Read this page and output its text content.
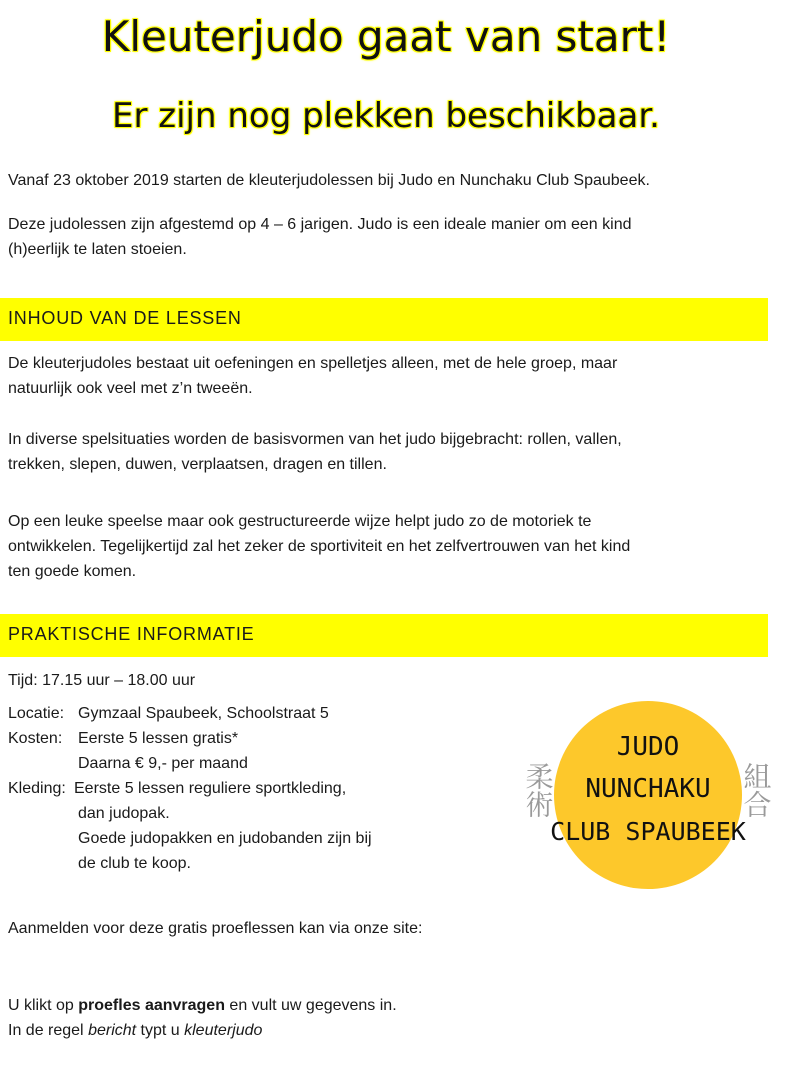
Kleuterjudo gaat van start!
Er zijn nog plekken beschikbaar.

Vanaf 23 oktober 2019 starten de kleuterjudolessen bij Judo en Nunchaku Club Spaubeek.

Deze judolessen zijn afgestemd op 4 – 6 jarigen. Judo is een ideale manier om een kind

(h)eerlijk te laten stoeien.

INHOUD VAN DE LESSEN

De kleuterjudoles bestaat uit oefeningen en spelletjes alleen, met de hele groep, maar

natuurlijk ook veel met z’n tweeën.

In diverse spelsituaties worden de basisvormen van het judo bijgebracht: rollen, vallen,

trekken, slepen, duwen, verplaatsen, dragen en tillen.

Op een leuke speelse maar ook gestructureerde wijze helpt judo zo de motoriek te

ontwikkelen. Tegelijkertijd zal het zeker de sportiviteit en het zelfvertrouwen van het kind

ten goede komen.

PRAKTISCHE INFORMATIE

Tijd: 17.15 uur – 18.00 uur

Locatie: Gymzaal Spaubeek, Schoolstraat 5
Kosten: Eerste 5 lessen gratis*
Daarna € 9,- per maand
Kleding: Eerste 5 lessen reguliere sportkleding,
dan judopak.
Goede judopakken en judobanden zijn bij
de club te koop.
柔術	組合
JUDO
NUNCHAKU
CLUB SPAUBEEK

Aanmelden voor deze gratis proeflessen kan via onze site:

U klikt op proefles aanvragen en vult uw gegevens in.

In de regel bericht typt u kleuterjudo
